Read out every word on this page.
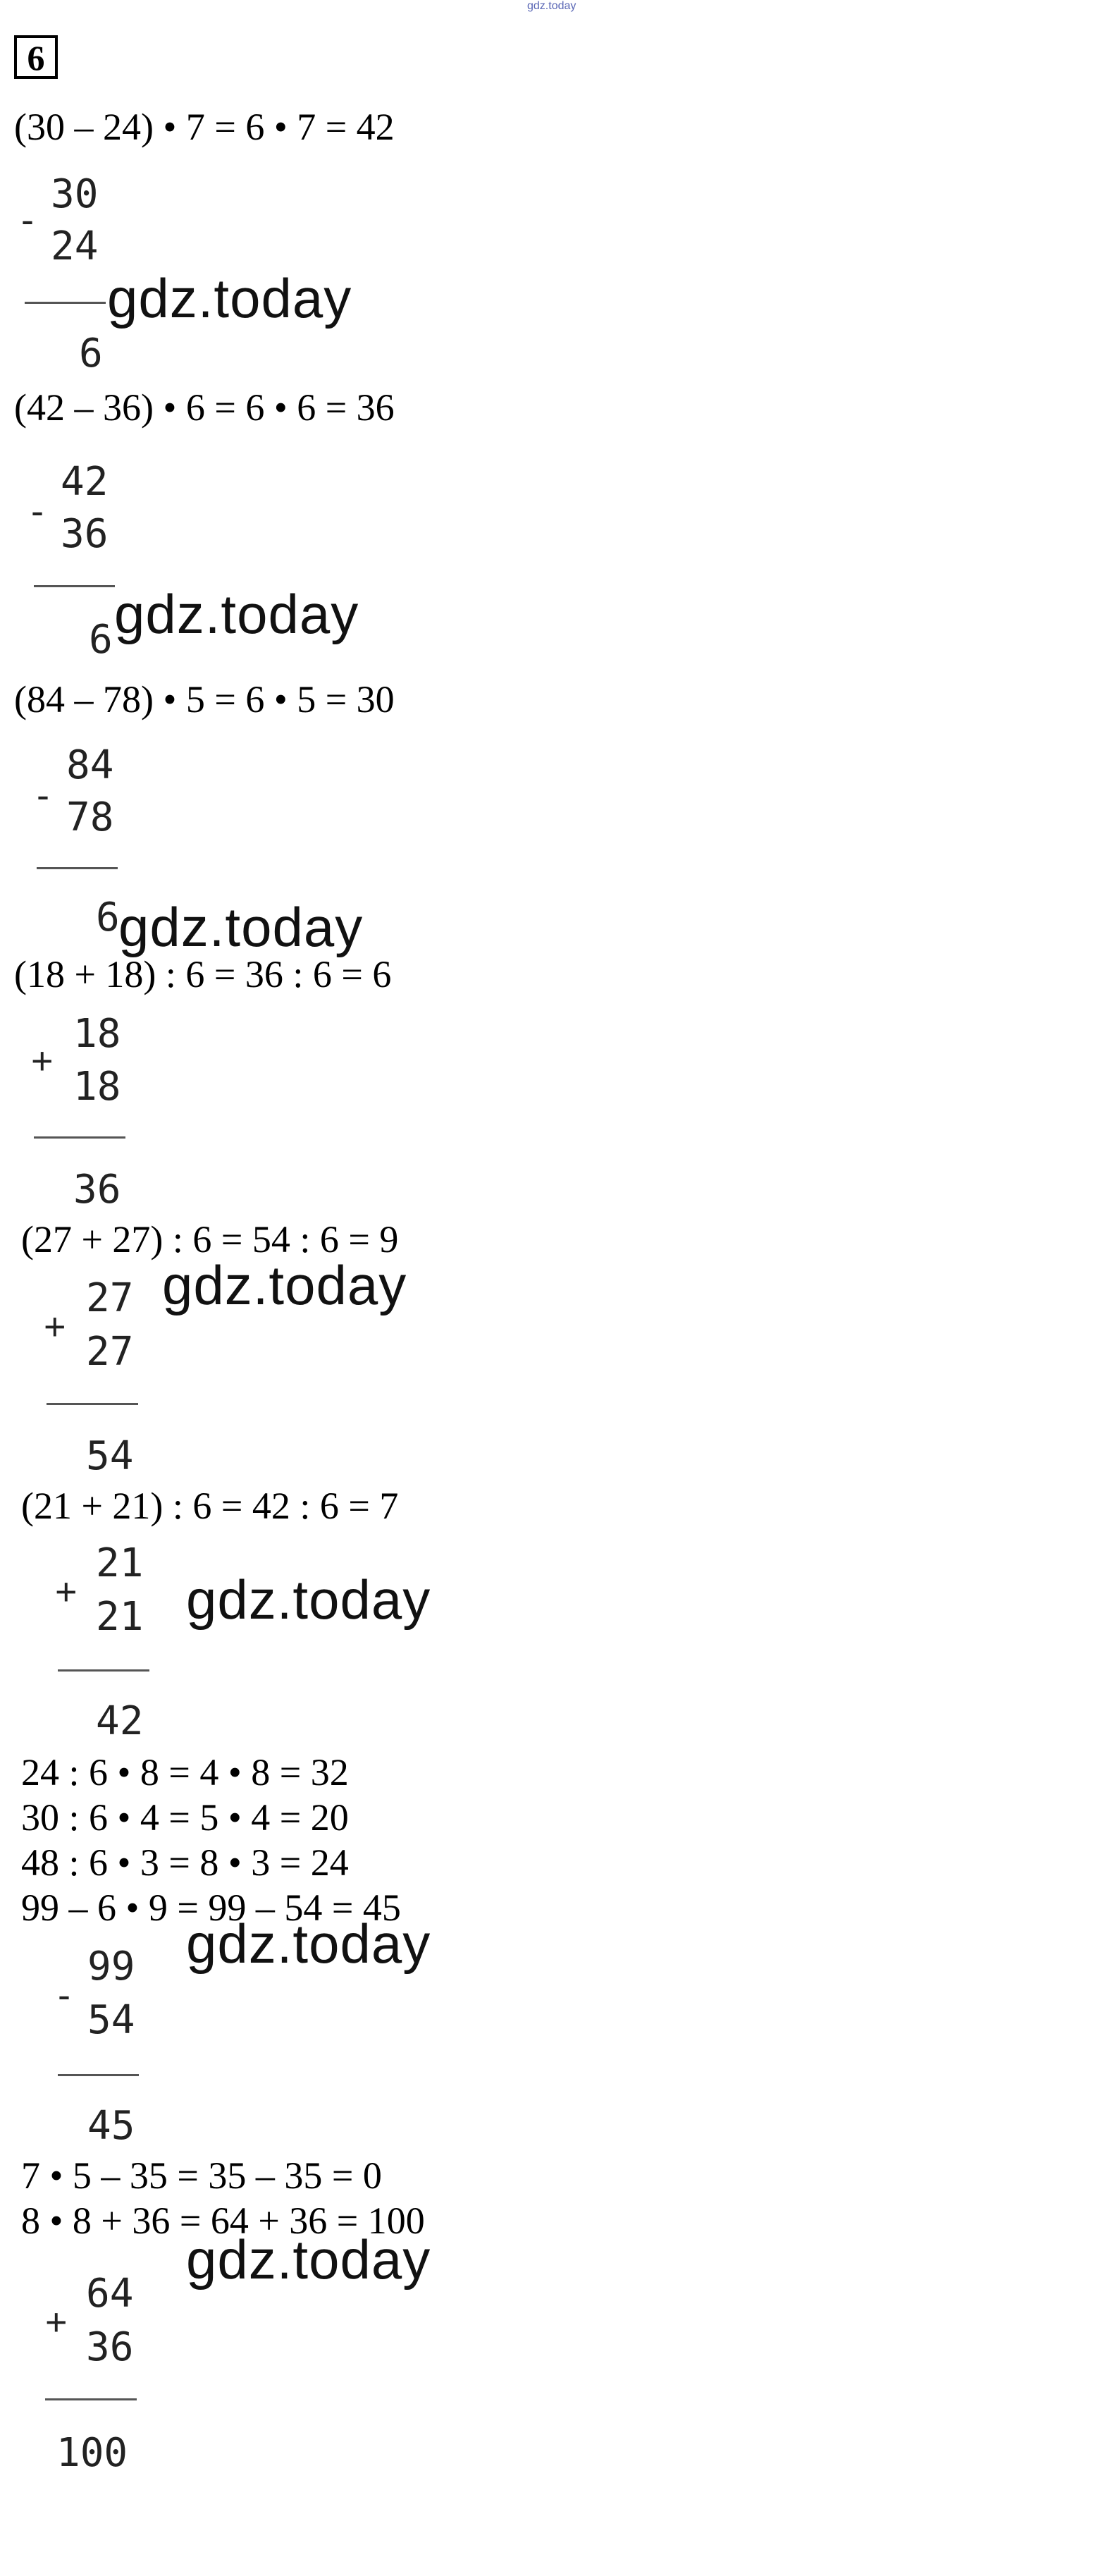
gdz.today
6
(30 – 24) • 7 = 6 • 7 = 42
-
30
24
gdz.today
6
(42 – 36) • 6 = 6 • 6 = 36
-
42
36
6 gdz.today
(84 – 78) • 5 = 6 • 5 = 30
-
84
78
6
gdz.today
(18 + 18) : 6 = 36 : 6 = 6
+
18
18
36
(27 + 27) : 6 = 54 : 6 = 9
+
27
27
54
gdz.today
(21 + 21) : 6 = 42 : 6 = 7
+
21
21
42
gdz.today
24 : 6 • 8 = 4 • 8 = 32
30 : 6 • 4 = 5 • 4 = 20
48 : 6 • 3 = 8 • 3 = 24
99 – 6 • 9 = 99 – 54 = 45
gdz.today
-
99
54
45
7 • 5 – 35 = 35 – 35 = 0
8 • 8 + 36 = 64 + 36 = 100
gdz.today
+
64
36
100
